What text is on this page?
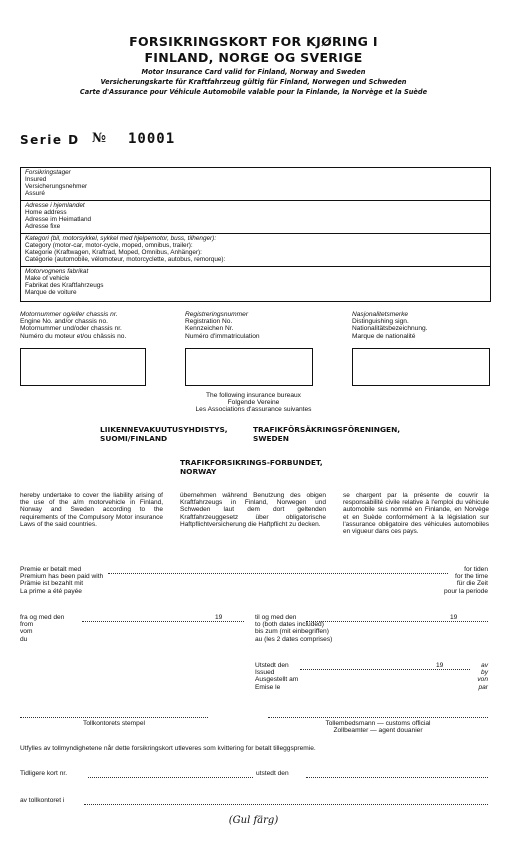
FORSIKRINGSKORT FOR KJØRING I
FINLAND, NORGE OG SVERIGE
Motor Insurance Card valid for Finland, Norway and Sweden
Versicherungskarte für Kraftfahrzeug gültig für Finland, Norwegen und Schweden
Carte d'Assurance pour Véhicule Automobile valable pour la Finlande, la Norvège et la Suède
Serie D № 10001
Forsikringstager
Insured
Versicherungsnehmer
Assuré
Adresse i hjemlandet
Home address
Adresse im Heimatland
Adresse fixe
Kategori (bil, motorsykkel, sykkel med hjelpemotor, buss, tilhenger):
Category (motor-car, motor-cycle, moped, omnibus, trailer):
Kategorie (Kraftwagen, Kraftrad, Moped, Omnibus, Anhänger):
Catégorie (automobile, vélomoteur, motorcyclette, autobus, remorque):
Motorvognens fabrikat
Make of vehicle
Fabrikat des Kraftfahrzeugs
Marque de voiture
Motornummer og/eller chassis nr.
Engine No. and/or chassis no.
Motornummer und/oder chassis nr.
Numéro du moteur et/ou châssis no.
Registreringsnummer
Registration No.
Kennzeichen Nr.
Numéro d'immatriculation
Nasjonalitetsmerke
Distinguishing sign.
Nationalitätsbezeichnung.
Marque de nationalité
The following insurance bureaux
Folgende Vereine
Les Associations d'assurance suivantes
LIIKENNEVAKUUTUSYHDISTYS,
SUOMI/FINLAND
TRAFIKFÖRSÄKRINGSFÖRENINGEN,
SWEDEN
TRAFIKFORSIKRINGS-FORBUNDET,
NORWAY
hereby undertake to cover the liability arising of the use of the a/m motorvehicle in Finland, Norway and Sweden according to the requirements of the Compulsory Motor insurance Laws of the said countries.
übernehmen während Benutzung des obigen Kraftfahrzeugs in Finland, Norwegen und Schweden laut dem dort geltenden Kraftfahrzeuggesetz über obligatorische Haftpflichtversicherung die Haftpflicht zu decken.
se chargent par la présente de couvrir la responsabilité civile relative à l'emploi du véhicule automobile sus nommé en Finlande, en Norvège et en Suède conformément à la législation sur l'assurance obligatoire des véhicules automobiles en vigueur dans ces pays.
Premie er betalt med
Premium has been paid with
Prämie ist bezahlt mit
La prime a été payée
for tiden
for the time
für die Zeit
pour la periode
fra og med den
from
vom
du
19	til og med den
to (both dates included)
bis zum (mit einbegriffen)
au (les 2 dates comprises)
19
Utstedt den
Issued
Ausgestellt am
Emise le
19	av
by
von
par
Tollkontorets stempel	Tollembedsmann — customs official
Zollbeamter — agent douanier
Utfylles av tollmyndighetene når dette forsikringskort utleveres som kvittering for betalt tilleggspremie.
Tidligere kort nr.	utstedt den
av tollkontoret i
(Gul färg)
